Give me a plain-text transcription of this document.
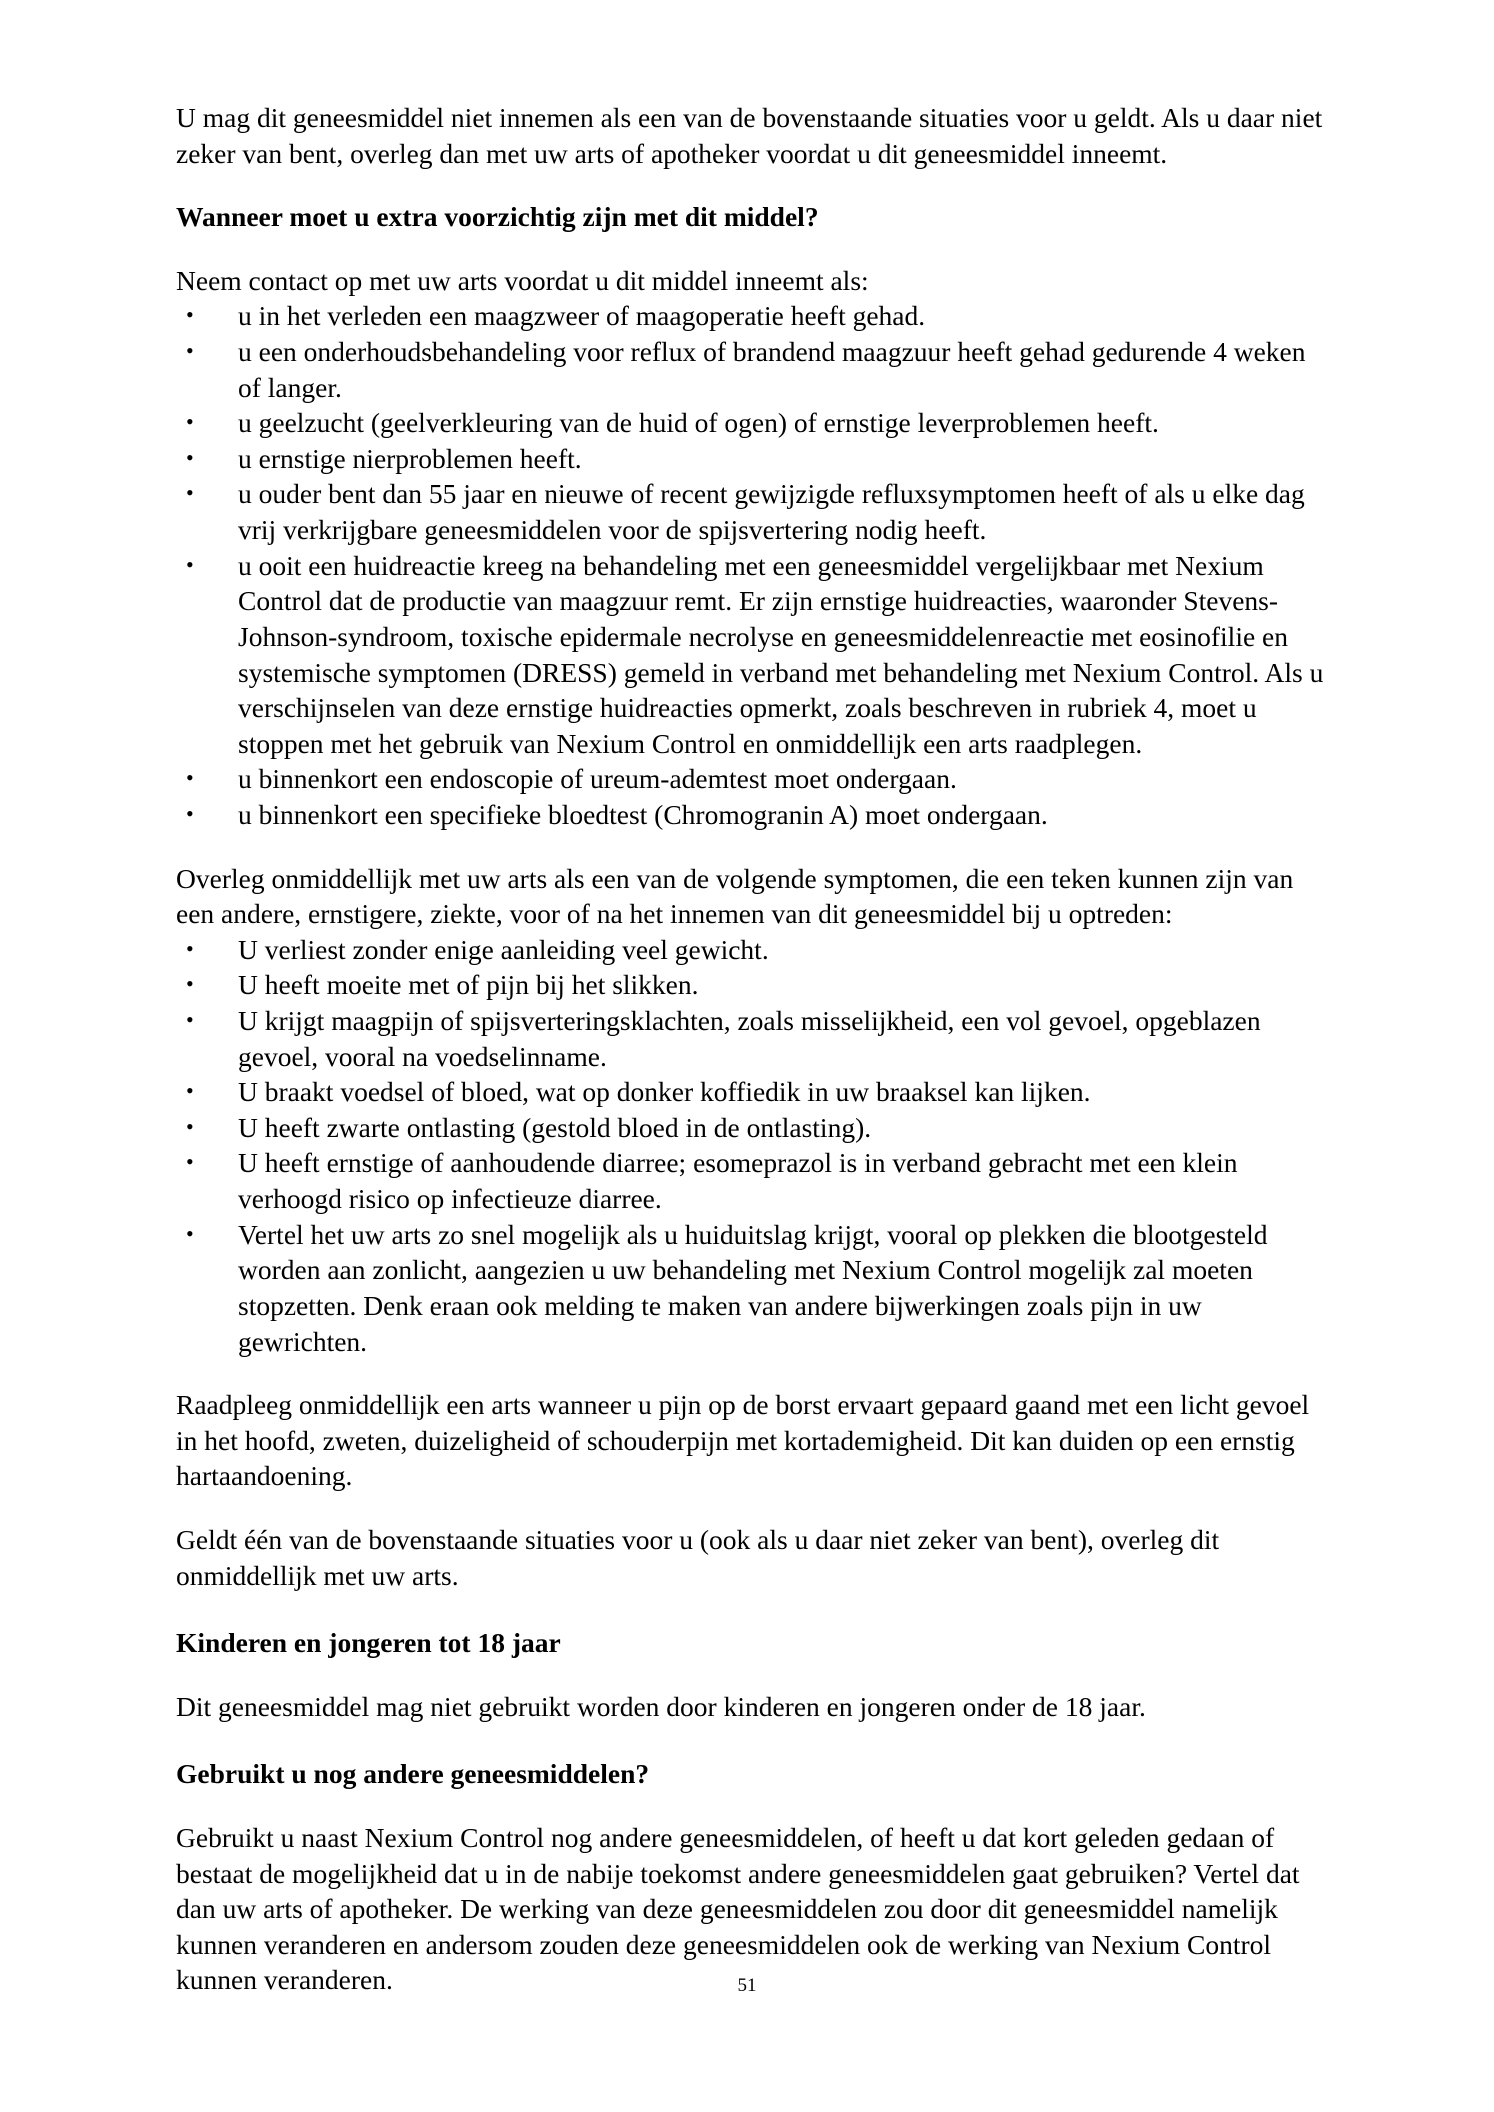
U mag dit geneesmiddel niet innemen als een van de bovenstaande situaties voor u geldt. Als u daar niet zeker van bent, overleg dan met uw arts of apotheker voordat u dit geneesmiddel inneemt.

Wanneer moet u extra voorzichtig zijn met dit middel?

Neem contact op met uw arts voordat u dit middel inneemt als:

• u in het verleden een maagzweer of maagoperatie heeft gehad.
• u een onderhoudsbehandeling voor reflux of brandend maagzuur heeft gehad gedurende 4 weken of langer.
• u geelzucht (geelverkleuring van de huid of ogen) of ernstige leverproblemen heeft.
• u ernstige nierproblemen heeft.
• u ouder bent dan 55 jaar en nieuwe of recent gewijzigde refluxsymptomen heeft of als u elke dag vrij verkrijgbare geneesmiddelen voor de spijsvertering nodig heeft.
• u ooit een huidreactie kreeg na behandeling met een geneesmiddel vergelijkbaar met Nexium Control dat de productie van maagzuur remt. Er zijn ernstige huidreacties, waaronder Stevens-Johnson-syndroom, toxische epidermale necrolyse en geneesmiddelenreactie met eosinofilie en systemische symptomen (DRESS) gemeld in verband met behandeling met Nexium Control. Als u verschijnselen van deze ernstige huidreacties opmerkt, zoals beschreven in rubriek 4, moet u stoppen met het gebruik van Nexium Control en onmiddellijk een arts raadplegen.
• u binnenkort een endoscopie of ureum-ademtest moet ondergaan.
• u binnenkort een specifieke bloedtest (Chromogranin A) moet ondergaan.

Overleg onmiddellijk met uw arts als een van de volgende symptomen, die een teken kunnen zijn van een andere, ernstigere, ziekte, voor of na het innemen van dit geneesmiddel bij u optreden:

• U verliest zonder enige aanleiding veel gewicht.
• U heeft moeite met of pijn bij het slikken.
• U krijgt maagpijn of spijsverteringsklachten, zoals misselijkheid, een vol gevoel, opgeblazen gevoel, vooral na voedselinname.
• U braakt voedsel of bloed, wat op donker koffiedik in uw braaksel kan lijken.
• U heeft zwarte ontlasting (gestold bloed in de ontlasting).
• U heeft ernstige of aanhoudende diarree; esomeprazol is in verband gebracht met een klein verhoogd risico op infectieuze diarree.
• Vertel het uw arts zo snel mogelijk als u huiduitslag krijgt, vooral op plekken die blootgesteld worden aan zonlicht, aangezien u uw behandeling met Nexium Control mogelijk zal moeten stopzetten. Denk eraan ook melding te maken van andere bijwerkingen zoals pijn in uw gewrichten.

Raadpleeg onmiddellijk een arts wanneer u pijn op de borst ervaart gepaard gaand met een licht gevoel in het hoofd, zweten, duizeligheid of schouderpijn met kortademigheid. Dit kan duiden op een ernstig hartaandoening.

Geldt één van de bovenstaande situaties voor u (ook als u daar niet zeker van bent), overleg dit onmiddellijk met uw arts.

Kinderen en jongeren tot 18 jaar

Dit geneesmiddel mag niet gebruikt worden door kinderen en jongeren onder de 18 jaar.

Gebruikt u nog andere geneesmiddelen?

Gebruikt u naast Nexium Control nog andere geneesmiddelen, of heeft u dat kort geleden gedaan of bestaat de mogelijkheid dat u in de nabije toekomst andere geneesmiddelen gaat gebruiken? Vertel dat dan uw arts of apotheker. De werking van deze geneesmiddelen zou door dit geneesmiddel namelijk kunnen veranderen en andersom zouden deze geneesmiddelen ook de werking van Nexium Control kunnen veranderen.	51
